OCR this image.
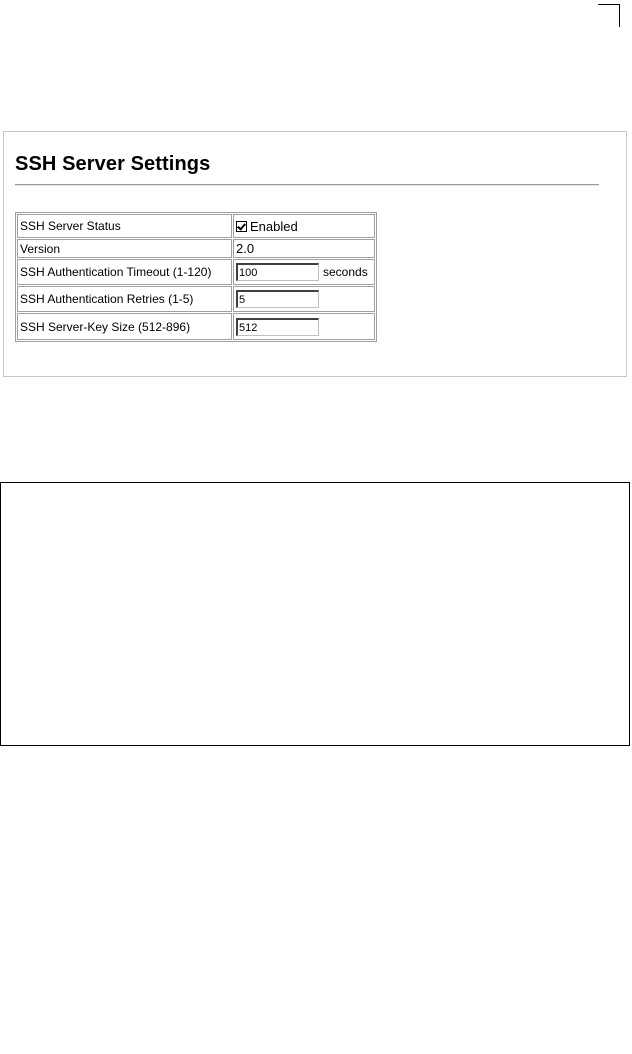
SSH Server Settings
SSH Server Status	Enabled
Version	2.0
SSH Authentication Timeout (1-120)	100 seconds
SSH Authentication Retries (1-5)	5
SSH Server-Key Size (512-896)	512
